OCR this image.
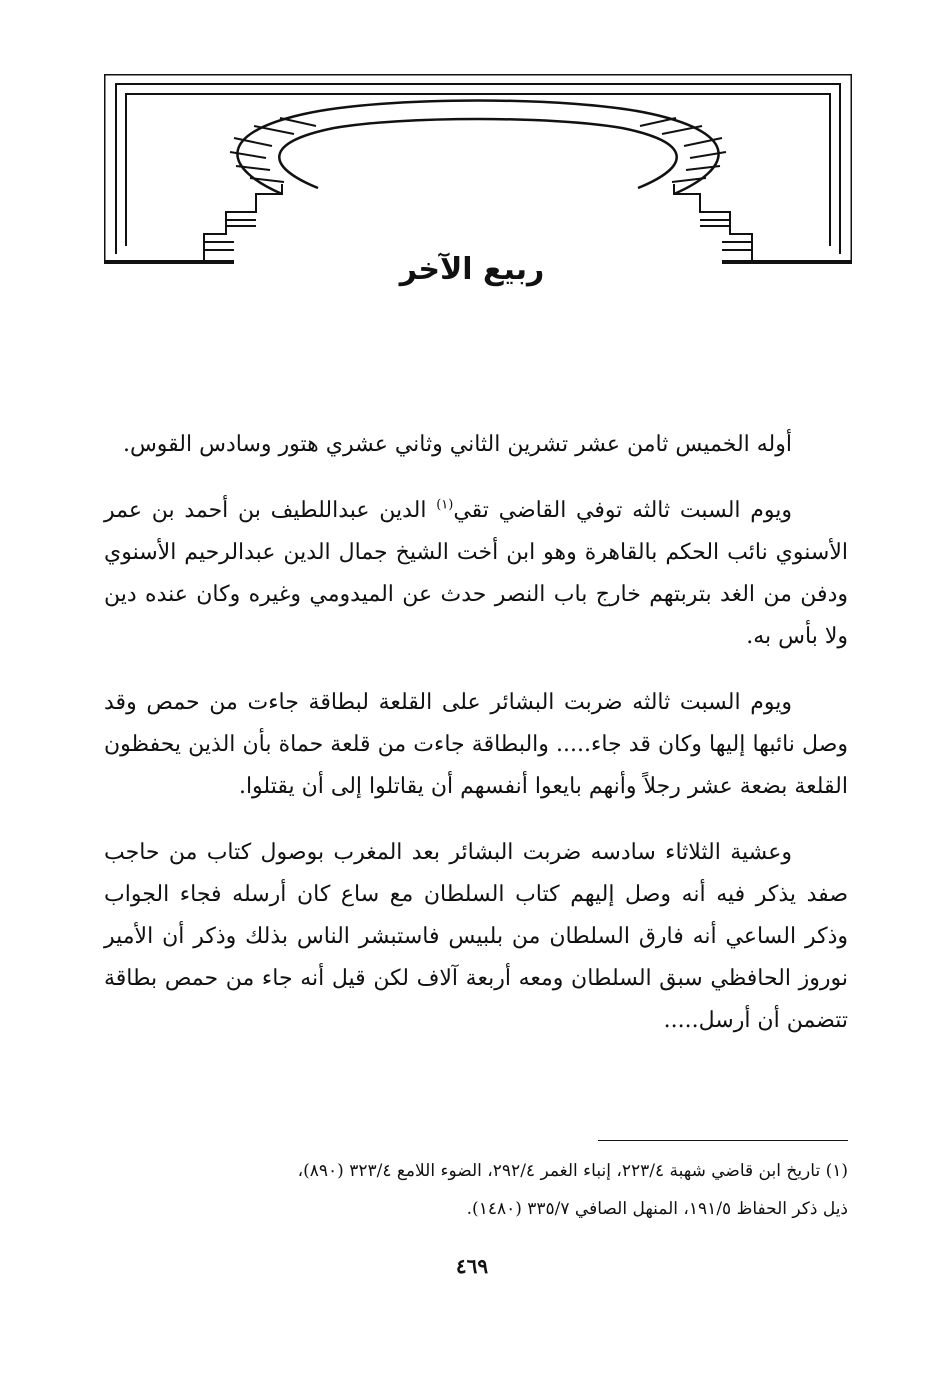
ربيع الآخر

أوله الخميس ثامن عشر تشرين الثاني وثاني عشري هتور وسادس القوس.

ويوم السبت ثالثه توفي القاضي تقي$^{(١)}$ الدين عبداللطيف بن أحمد بن عمر الأسنوي نائب الحكم بالقاهرة وهو ابن أخت الشيخ جمال الدين عبدالرحيم الأسنوي ودفن من الغد بتربتهم خارج باب النصر حدث عن الميدومي وغيره وكان عنده دين ولا بأس به.

ويوم السبت ثالثه ضربت البشائر على القلعة لبطاقة جاءت من حمص وقد وصل نائبها إليها وكان قد جاء..... والبطاقة جاءت من قلعة حماة بأن الذين يحفظون القلعة بضعة عشر رجلاً وأنهم بايعوا أنفسهم أن يقاتلوا إلى أن يقتلوا.

وعشية الثلاثاء سادسه ضربت البشائر بعد المغرب بوصول كتاب من حاجب صفد يذكر فيه أنه وصل إليهم كتاب السلطان مع ساع كان أرسله فجاء الجواب وذكر الساعي أنه فارق السلطان من بلبيس فاستبشر الناس بذلك وذكر أن الأمير نوروز الحافظي سبق السلطان ومعه أربعة آلاف لكن قيل أنه جاء من حمص بطاقة تتضمن أن أرسل.....

(١) تاريخ ابن قاضي شهبة ٢٢٣/٤، إنباء الغمر ٢٩٢/٤، الضوء اللامع ٣٢٣/٤ (٨٩٠)،

ذيل ذكر الحفاظ ١٩١/٥، المنهل الصافي ٣٣٥/٧ (١٤٨٠).

٤٦٩
